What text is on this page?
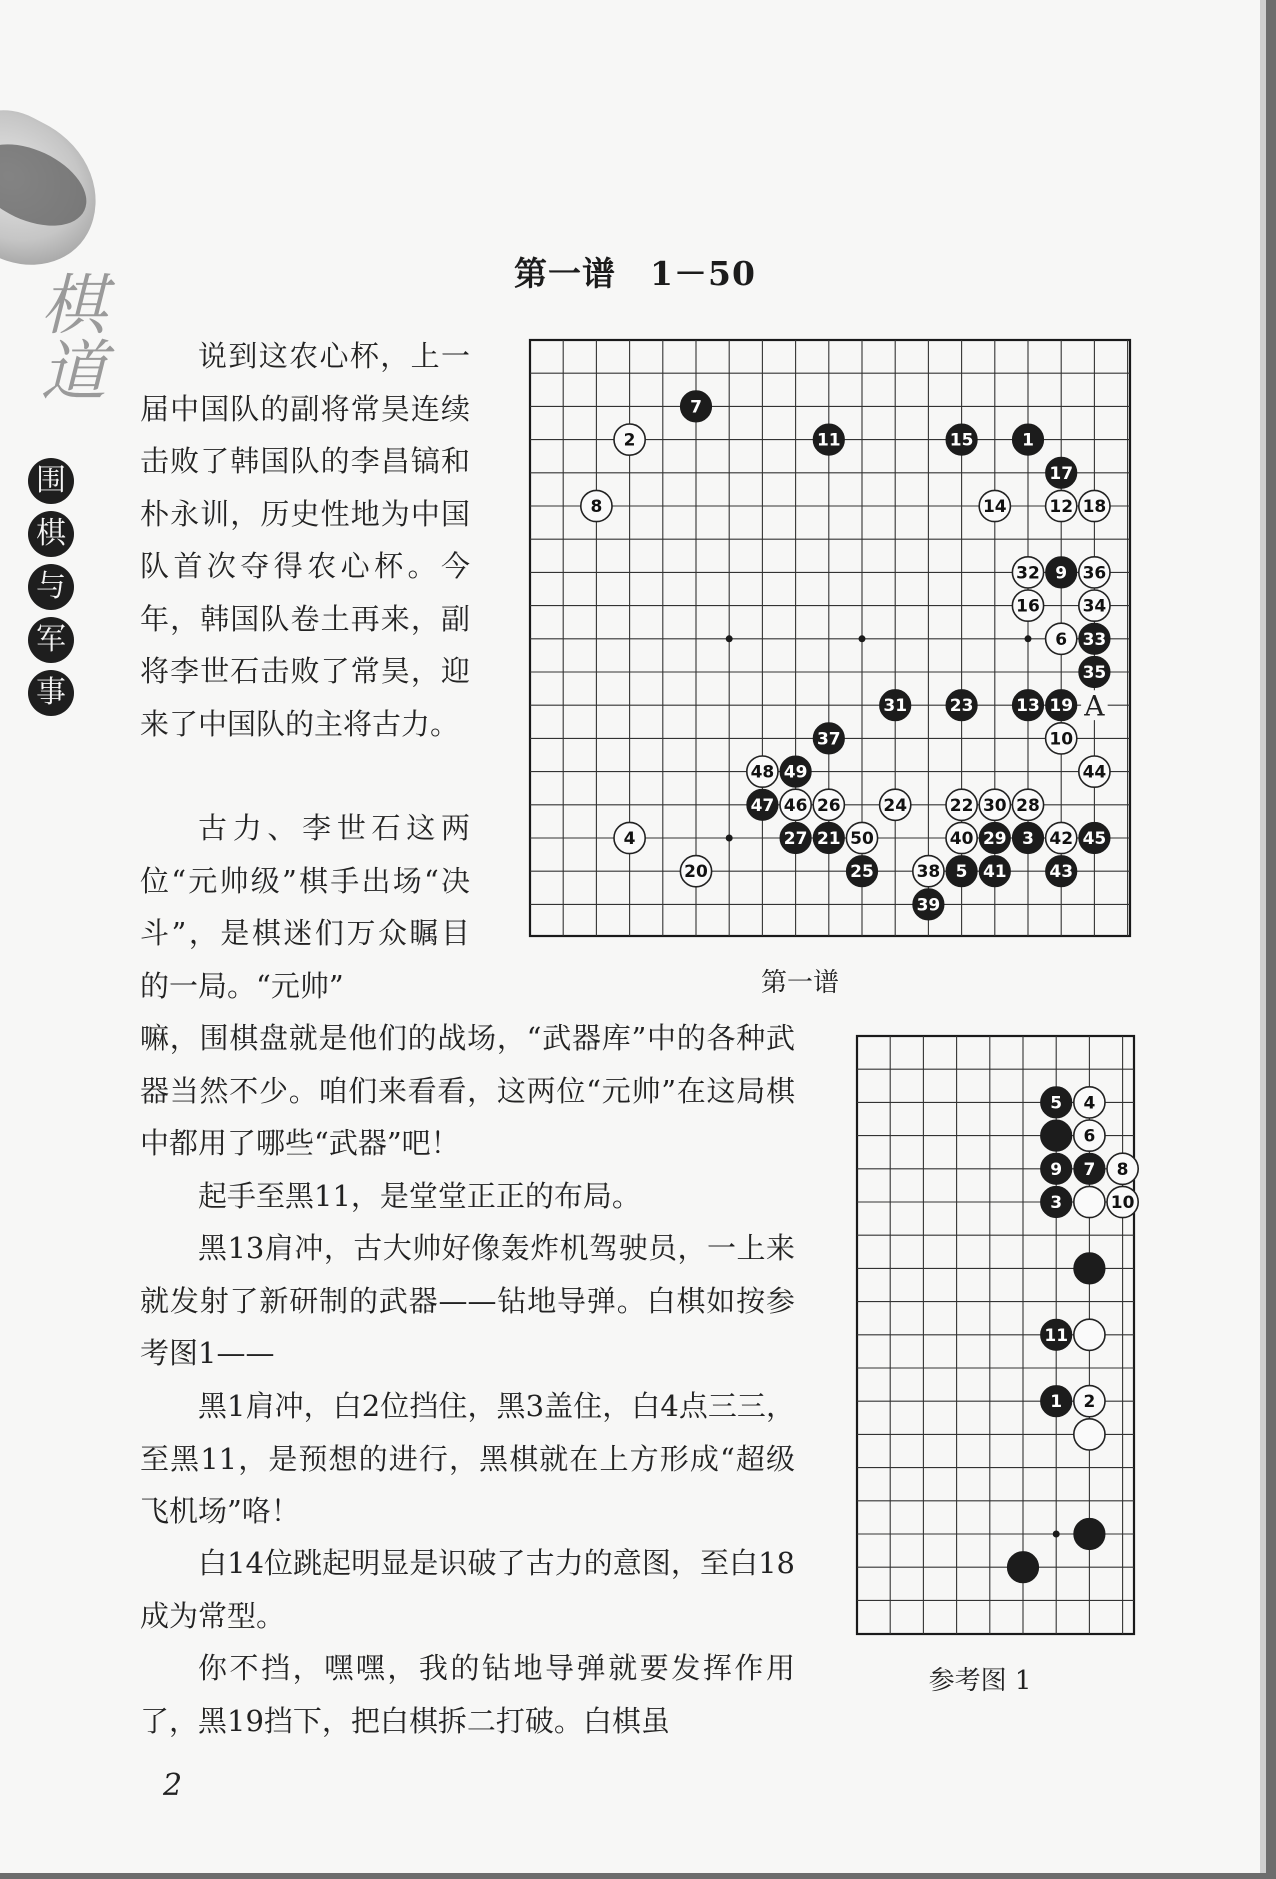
棋道
围
棋
与
军
事
第一谱　1－50

说到这农心杯，上一届中国队的副将常昊连续击败了韩国队的李昌镐和朴永训，历史性地为中国队首次夺得农心杯。今年，韩国队卷土再来，副将李世石击败了常昊，迎来了中国队的主将古力。

古力、李世石这两位“元帅级”棋手出场“决斗”，是棋迷们万众瞩目的一局。“元帅”

嘛，围棋盘就是他们的战场，“武器库”中的各种武器当然不少。咱们来看看，这两位“元帅”在这局棋中都用了哪些“武器”吧！

起手至黑11，是堂堂正正的布局。

黑13肩冲，古大帅好像轰炸机驾驶员，一上来就发射了新研制的武器——钻地导弹。白棋如按参考图1——

黑1肩冲，白2位挡住，黑3盖住，白4点三三，至黑11，是预想的进行，黑棋就在上方形成“超级飞机场”咯！

白14位跳起明显是识破了古力的意图，至白18成为常型。

你不挡，嘿嘿，我的钻地导弹就要发挥作用了，黑19挡下，把白棋拆二打破。白棋虽

7
2	11	15	1
17
8	14	12 18
32 9 36
16	34
6 33
35
31	23	13 19
37	10
48 49	44
47 46 26	24	22 30 28
4	27 21 50	40 29 3 42 45
20	25	38 5 41	43
39
A
第一谱
5 4
6
9 7 8
3	10
11
1 2
参考图 1
2
